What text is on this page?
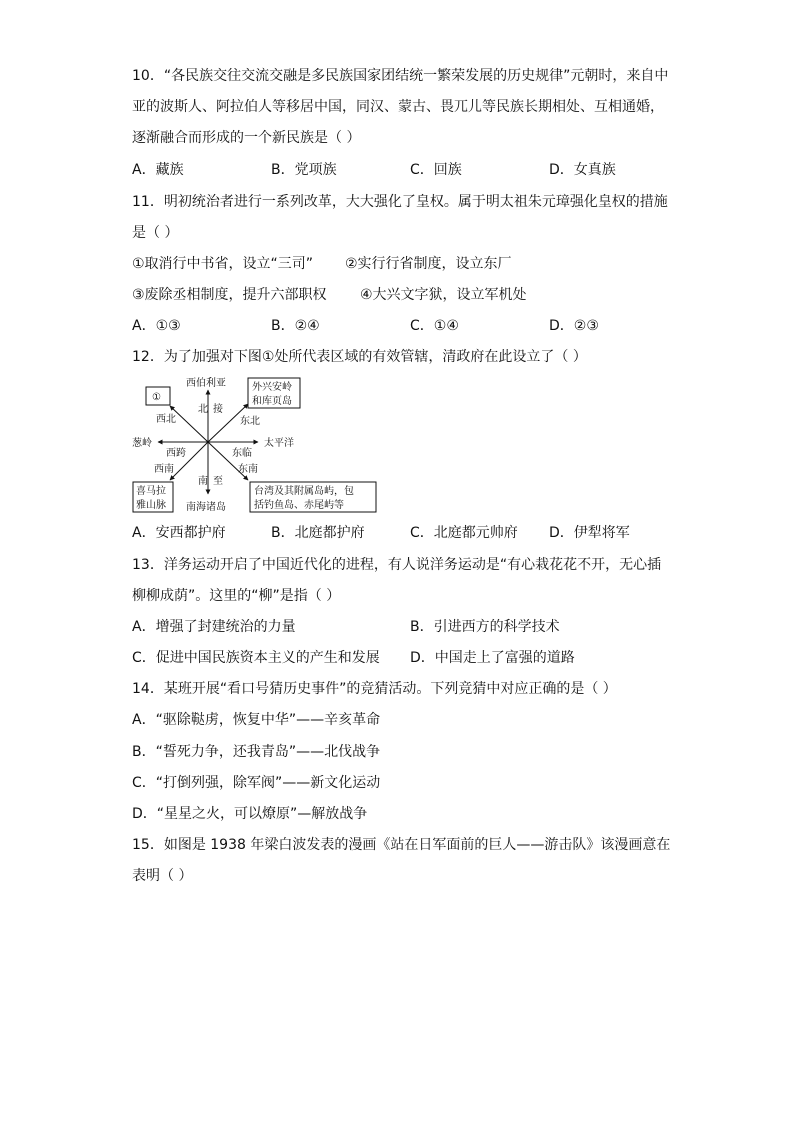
10．“各民族交往交流交融是多民族国家团结统一繁荣发展的历史规律”元朝时，来自中
亚的波斯人、阿拉伯人等移居中国，同汉、蒙古、畏兀儿等民族长期相处、互相通婚，
逐渐融合而形成的一个新民族是（ ）
A．藏族	B．党项族	C．回族	D．女真族
11．明初统治者进行一系列改革，大大强化了皇权。属于明太祖朱元璋强化皇权的措施
是（ ）
①取消行中书省，设立“三司” ②实行行省制度，设立东厂
③废除丞相制度，提升六部职权 ④大兴文字狱，设立军机处
A．①③	B．②④	C．①④	D．②③
12．为了加强对下图①处所代表区域的有效管辖，清政府在此设立了（ ）
①
西伯利亚
北 接
外兴安岭
和库页岛
西北	东北
葱岭
西跨	东临
太平洋
西南	东南
南 至
喜马拉
雅山脉 南海诸岛
台湾及其附属岛屿，包
括钓鱼岛、赤尾屿等
A．安西都护府	B．北庭都护府	C．北庭都元帅府 D．伊犁将军
13．洋务运动开启了中国近代化的进程，有人说洋务运动是“有心栽花花不开，无心插
柳柳成荫”。这里的“柳”是指（ ）
A．增强了封建统治的力量	B．引进西方的科学技术
C．促进中国民族资本主义的产生和发展 D．中国走上了富强的道路
14．某班开展“看口号猜历史事件”的竞猜活动。下列竞猜中对应正确的是（ ）
A．“驱除鞑虏，恢复中华”——辛亥革命
B．“誓死力争，还我青岛”——北伐战争
C．“打倒列强，除军阀”——新文化运动
D．“星星之火，可以燎原”—解放战争
15．如图是 1938 年梁白波发表的漫画《站在日军面前的巨人——游击队》该漫画意在
表明（ ）
